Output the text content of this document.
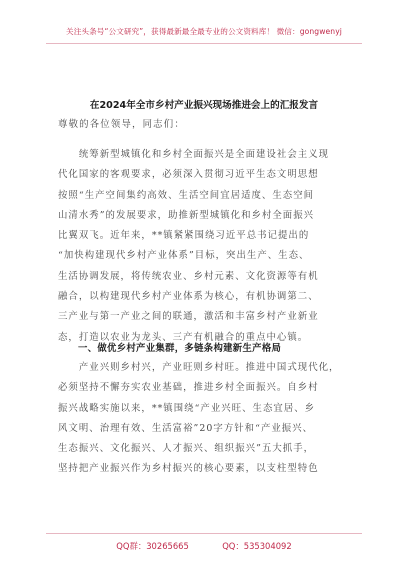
关注头条号“公文研究”，获得最新最全最专业的公文资料库！ 微信：gongwenyj
在2024年全市乡村产业振兴现场推进会上的汇报发言
尊敬的各位领导，同志们：
　　统筹新型城镇化和乡村全面振兴是全面建设社会主义现
代化国家的客观要求，必须深入贯彻习近平生态文明思想
按照“生产空间集约高效、生活空间宜居适度、生态空间
山清水秀”的发展要求，助推新型城镇化和乡村全面振兴
比翼双飞。近年来，**镇紧紧围绕习近平总书记提出的
“加快构建现代乡村产业体系”目标，突出生产、生态、
生活协调发展，将传统农业、乡村元素、文化资源等有机
融合，以构建现代乡村产业体系为核心，有机协调第二、
三产业与第一产业之间的联通，激活和丰富乡村产业新业
态，打造以农业为龙头、三产有机融合的重点中心镇。
一、做优乡村产业集群，多链条构建新生产格局
　　产业兴则乡村兴，产业旺则乡村旺。推进中国式现代化，
必须坚持不懈夯实农业基础，推进乡村全面振兴。自乡村
振兴战略实施以来，**镇围绕“产业兴旺、生态宜居、乡
风文明、治理有效、生活富裕”20字方针和“产业振兴、
生态振兴、文化振兴、人才振兴、组织振兴”五大抓手，
坚持把产业振兴作为乡村振兴的核心要素，以支柱型特色
QQ群：30265665	QQ：535304092
